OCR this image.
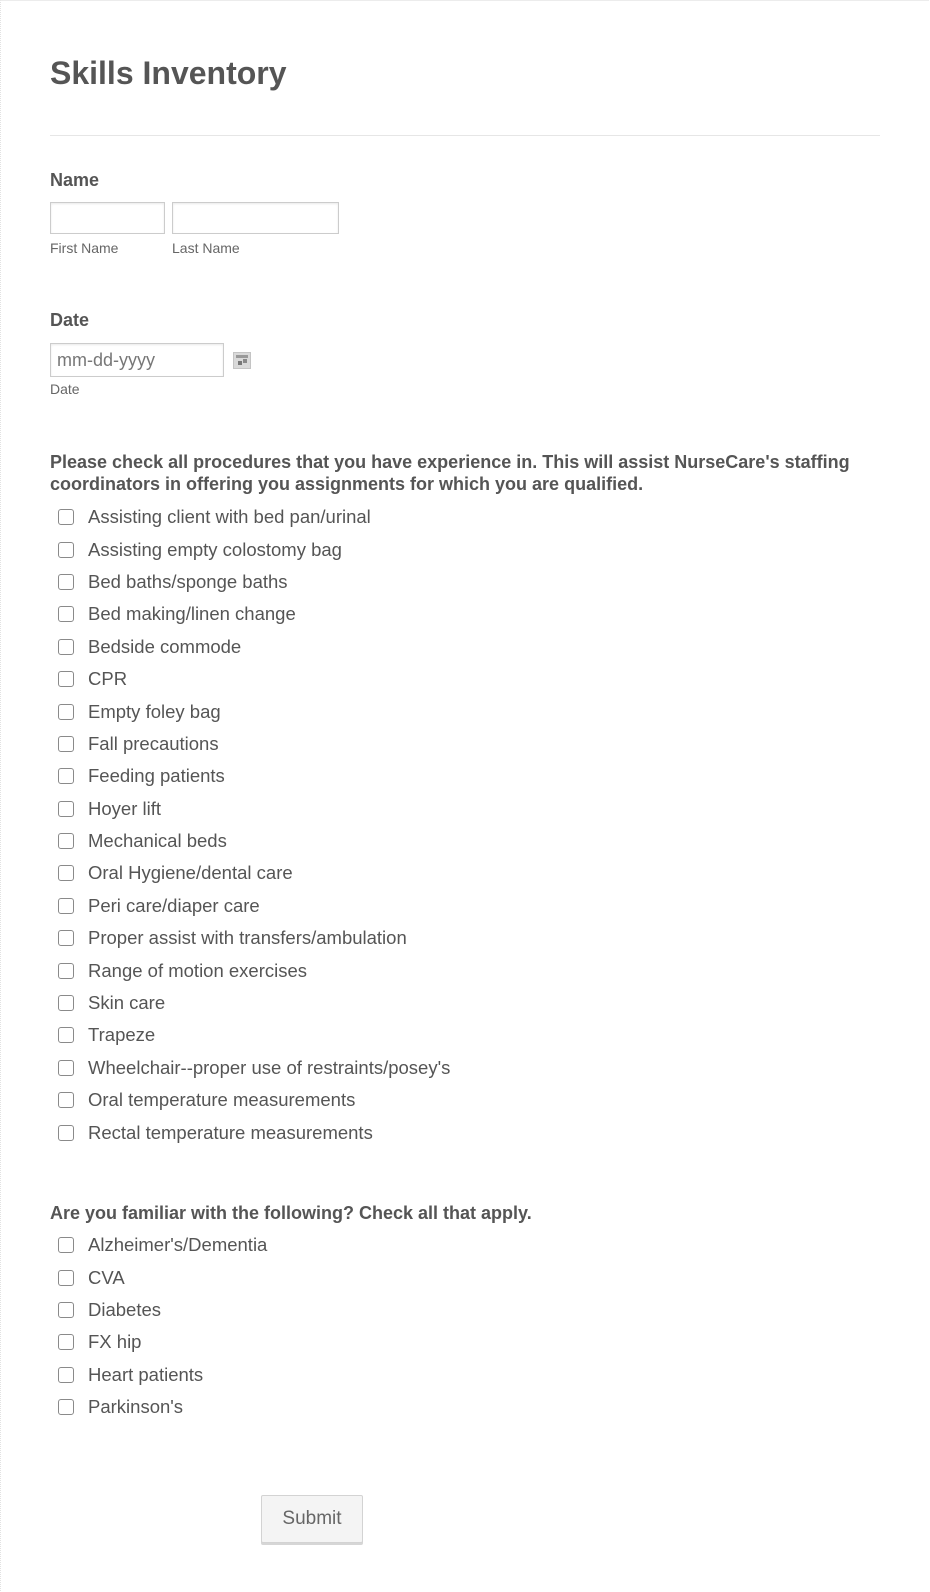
Skills Inventory
Name
First Name	Last Name
Date
mm-dd-yyyy
Date
Please check all procedures that you have experience in. This will assist NurseCare's staffing coordinators in offering you assignments for which you are qualified.
Assisting client with bed pan/urinal
Assisting empty colostomy bag
Bed baths/sponge baths
Bed making/linen change
Bedside commode
CPR
Empty foley bag
Fall precautions
Feeding patients
Hoyer lift
Mechanical beds
Oral Hygiene/dental care
Peri care/diaper care
Proper assist with transfers/ambulation
Range of motion exercises
Skin care
Trapeze
Wheelchair--proper use of restraints/posey's
Oral temperature measurements
Rectal temperature measurements
Are you familiar with the following? Check all that apply.
Alzheimer's/Dementia
CVA
Diabetes
FX hip
Heart patients
Parkinson's
Submit
